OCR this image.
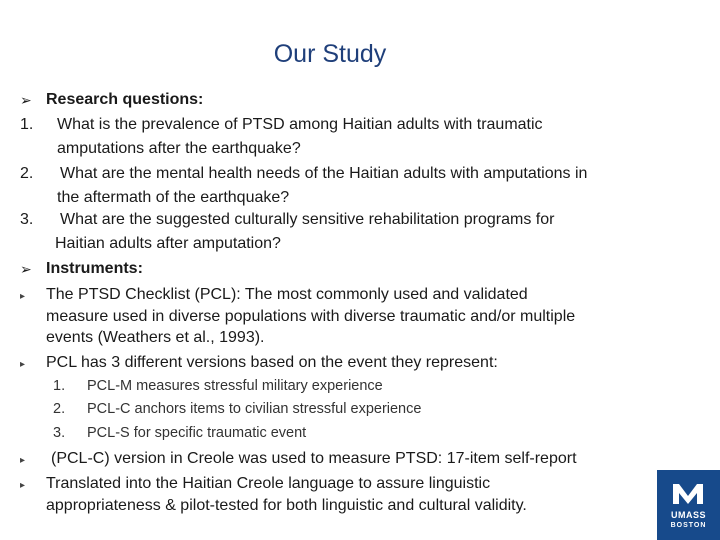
Our Study
➢ Research questions:
1. What is the prevalence of PTSD among Haitian adults with traumatic
amputations after the earthquake?
2. What are the mental health needs of the Haitian adults with amputations in
the aftermath of the earthquake?
3. What are the suggested culturally sensitive rehabilitation programs for
Haitian adults after amputation?
➢ Instruments:
▸ The PTSD Checklist (PCL): The most commonly used and validated
measure used in diverse populations with diverse traumatic and/or multiple
events (Weathers et al., 1993).
▸ PCL has 3 different versions based on the event they represent:
1. PCL-M measures stressful military experience
2. PCL-C anchors items to civilian stressful experience
3. PCL-S for specific traumatic event
▸ (PCL-C) version in Creole was used to measure PTSD: 17-item self-report
▸ Translated into the Haitian Creole language to assure linguistic
appropriateness & pilot-tested for both linguistic and cultural validity.
UMASS
BOSTON
